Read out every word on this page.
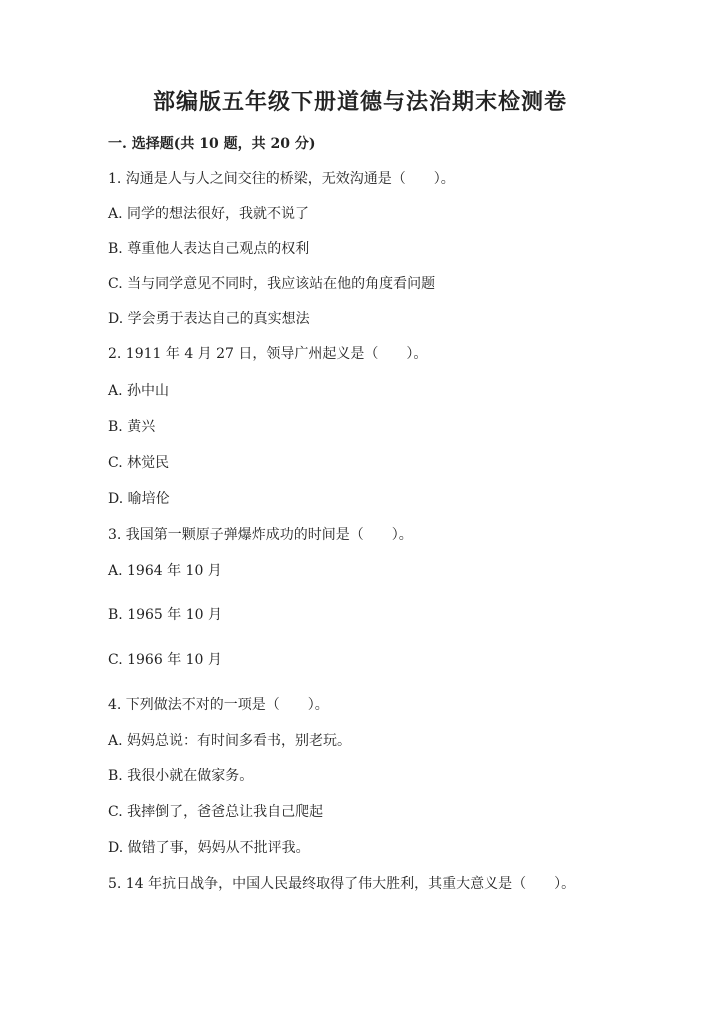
部编版五年级下册道德与法治期末检测卷
一. 选择题(共 10 题，共 20 分)
1. 沟通是人与人之间交往的桥梁，无效沟通是（　　）。
A. 同学的想法很好，我就不说了
B. 尊重他人表达自己观点的权利
C. 当与同学意见不同时，我应该站在他的角度看问题
D. 学会勇于表达自己的真实想法
2. 1911 年 4 月 27 日，领导广州起义是（　　）。
A. 孙中山
B. 黄兴
C. 林觉民
D. 喻培伦
3. 我国第一颗原子弹爆炸成功的时间是（　　）。
A. 1964 年 10 月
B. 1965 年 10 月
C. 1966 年 10 月
4. 下列做法不对的一项是（　　）。
A. 妈妈总说：有时间多看书，别老玩。
B. 我很小就在做家务。
C. 我摔倒了，爸爸总让我自己爬起
D. 做错了事，妈妈从不批评我。
5. 14 年抗日战争，中国人民最终取得了伟大胜利，其重大意义是（　　）。
